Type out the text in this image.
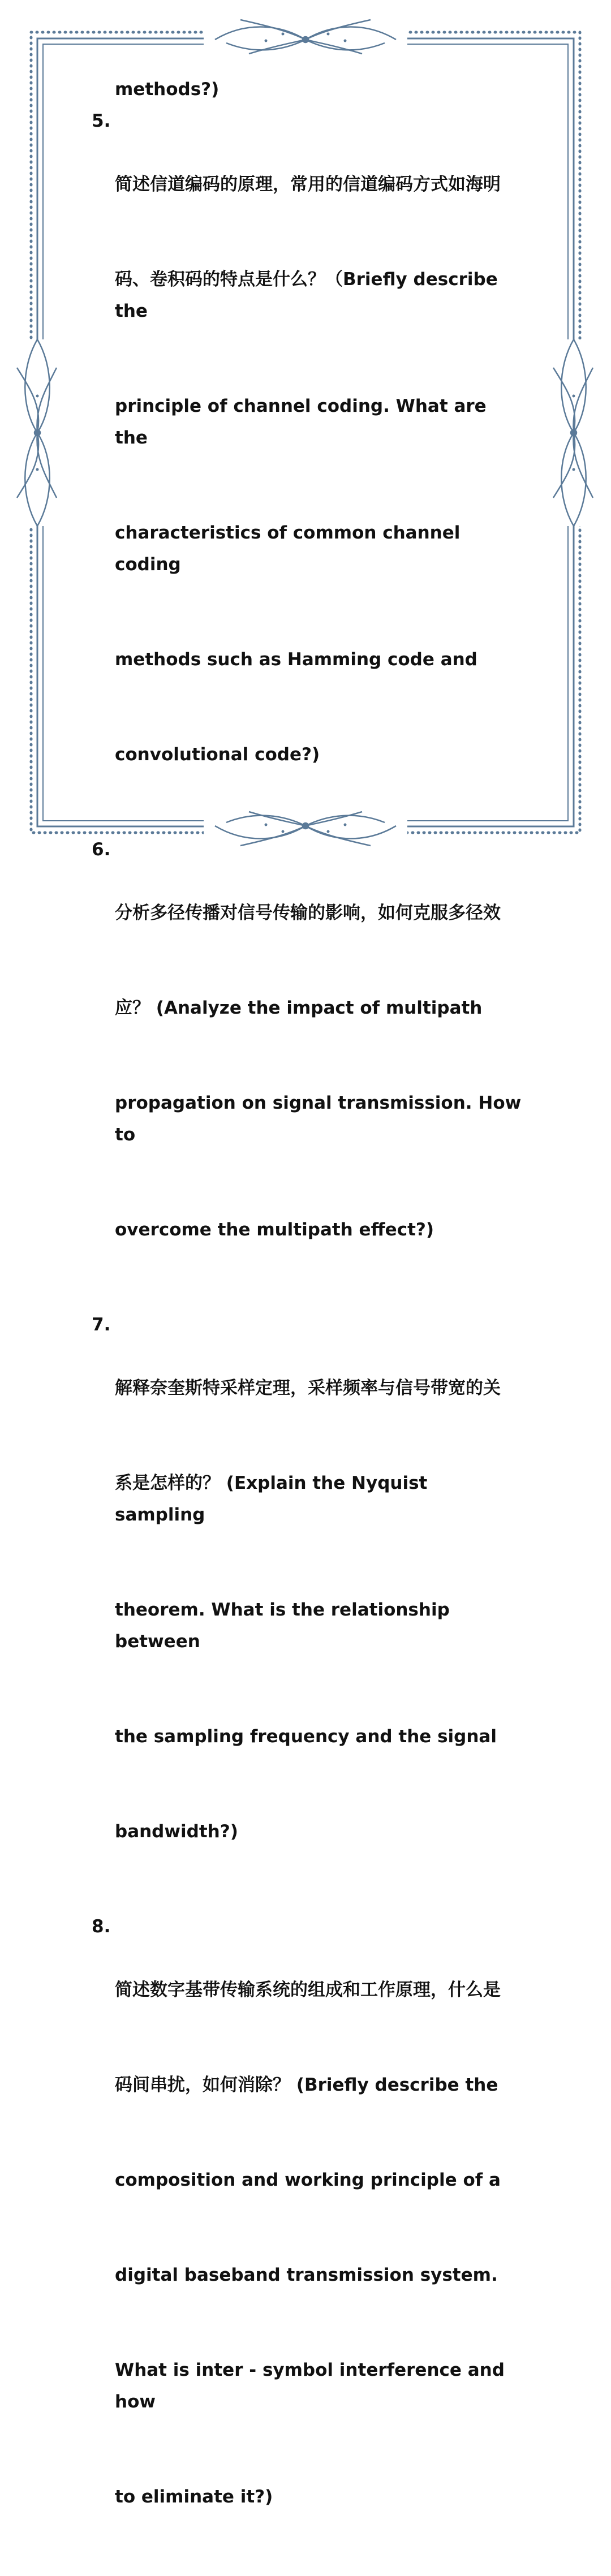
methods?)
5.

简述信道编码的原理，常用的信道编码方式如海明

码、卷积码的特点是什么？（Briefly describe the

principle of channel coding. What are the

characteristics of common channel coding

methods such as Hamming code and

convolutional code?)

6.

分析多径传播对信号传输的影响，如何克服多径效

应？ (Analyze the impact of multipath

propagation on signal transmission. How to

overcome the multipath effect?)

7.

解释奈奎斯特采样定理，采样频率与信号带宽的关

系是怎样的？ (Explain the Nyquist sampling

theorem. What is the relationship between

the sampling frequency and the signal

bandwidth?)

8.

简述数字基带传输系统的组成和工作原理，什么是

码间串扰，如何消除？ (Briefly describe the

composition and working principle of a

digital baseband transmission system.

What is inter - symbol interference and how

to eliminate it?)
